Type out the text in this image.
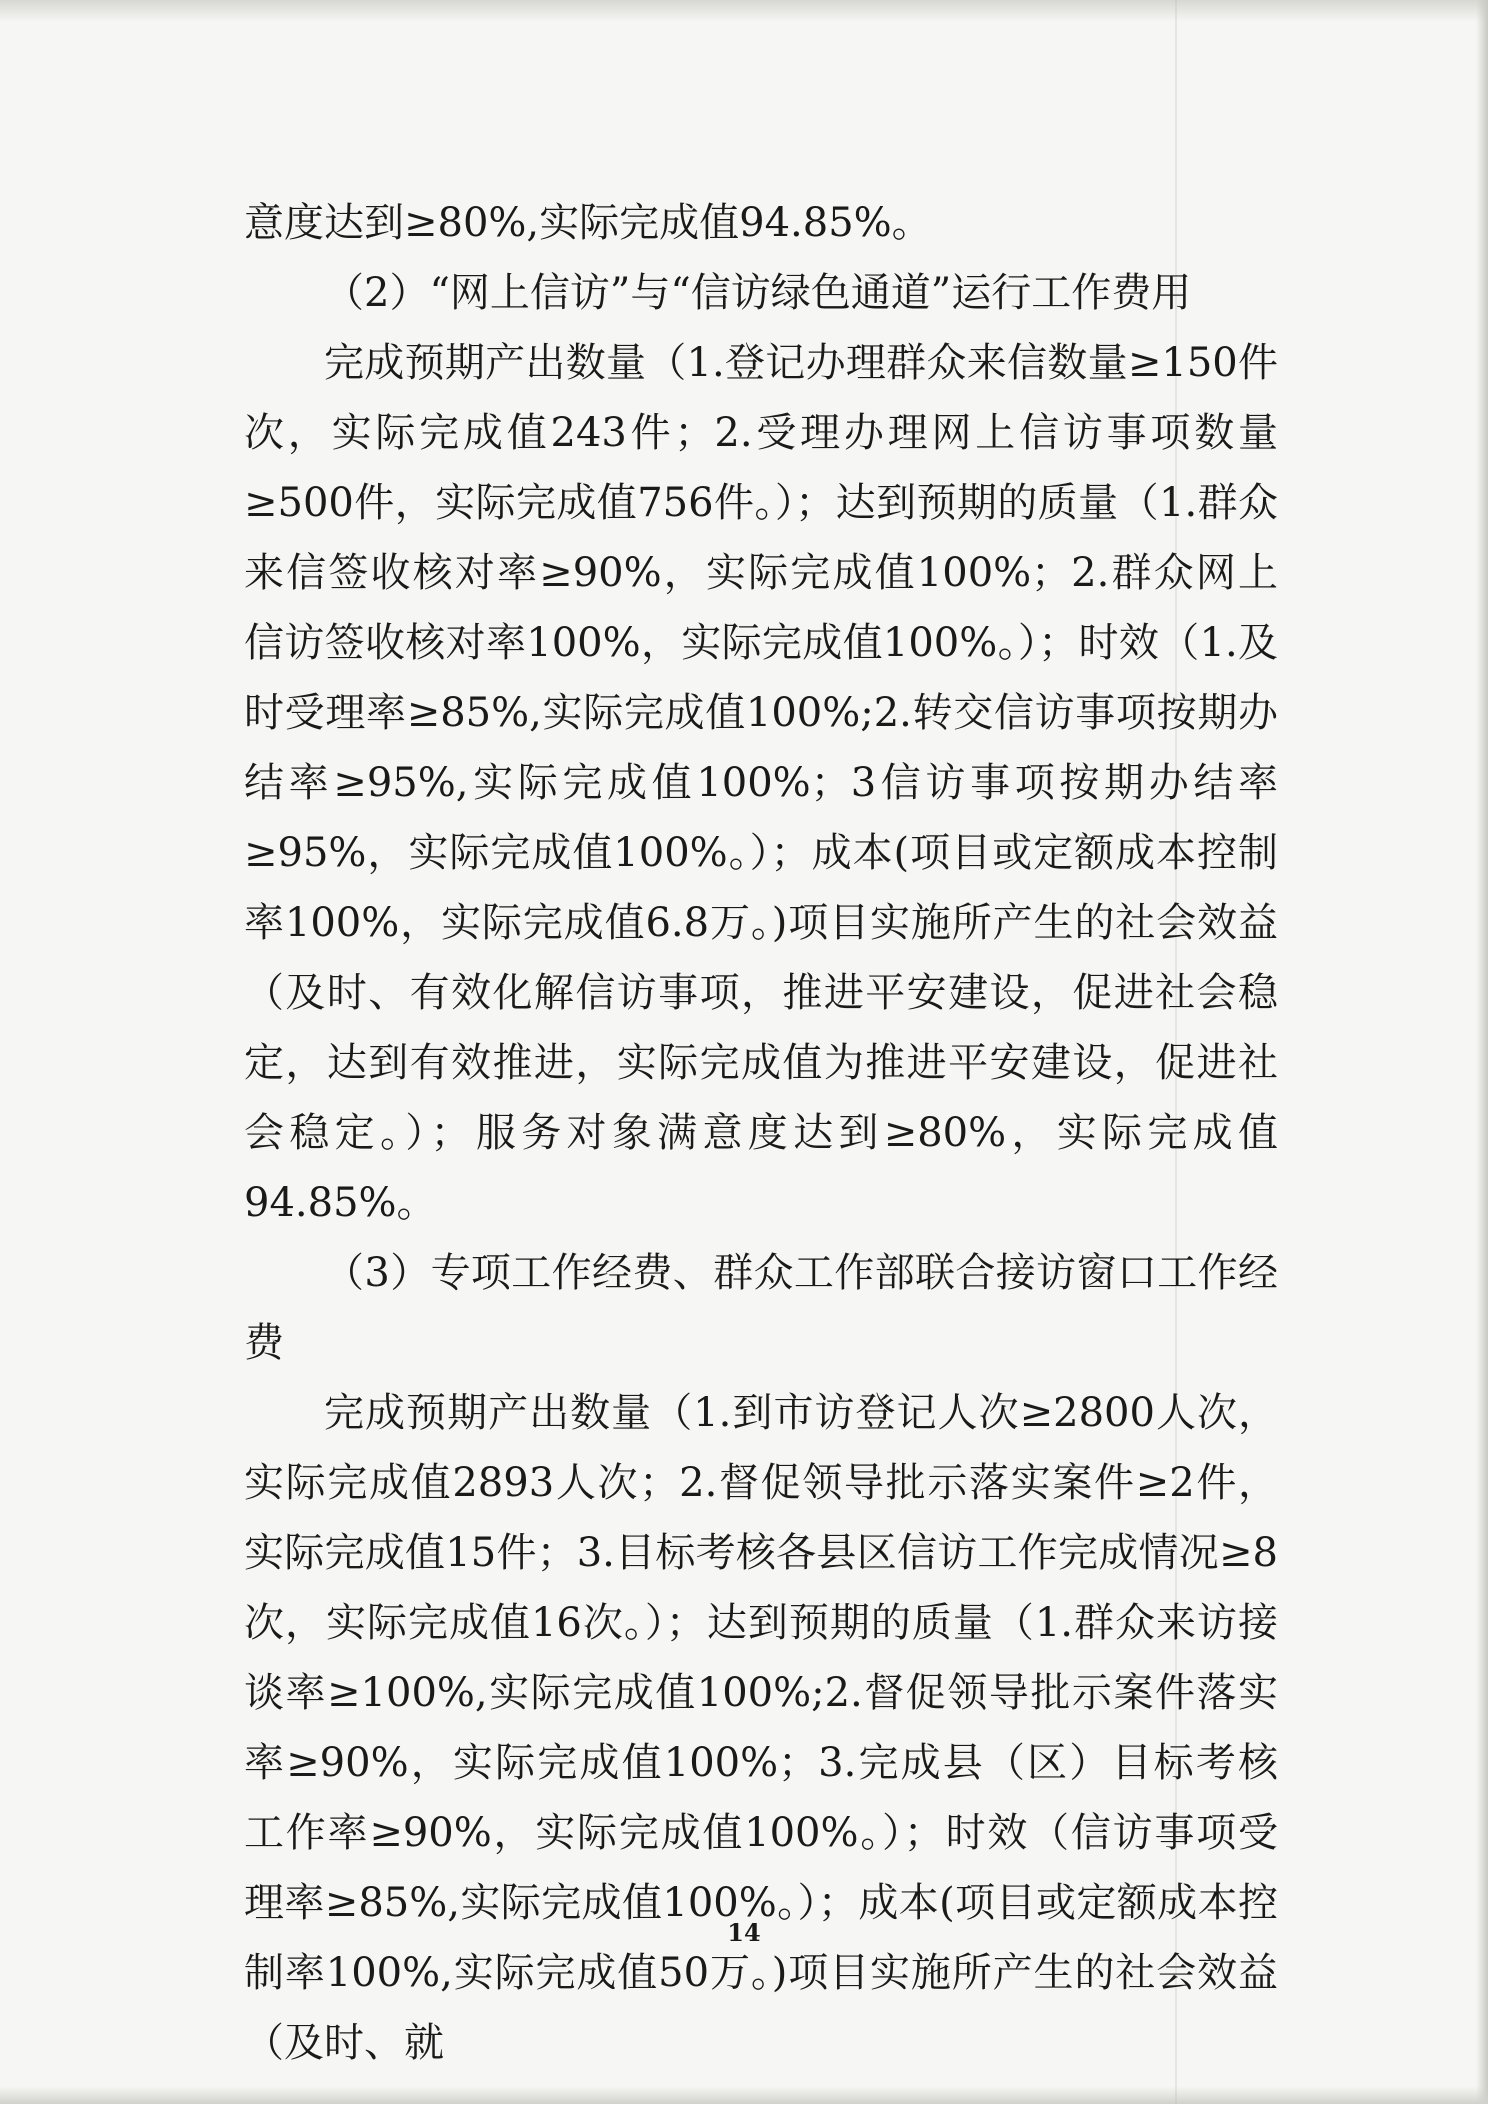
意度达到≥80%,实际完成值94.85%。

（2）“网上信访”与“信访绿色通道”运行工作费用

完成预期产出数量（1.登记办理群众来信数量≥150件次，实际完成值243件；2.受理办理网上信访事项数量≥500件，实际完成值756件。）；达到预期的质量（1.群众来信签收核对率≥90%，实际完成值100%；2.群众网上信访签收核对率100%，实际完成值100%。）；时效（1.及时受理率≥85%,实际完成值100%;2.转交信访事项按期办结率≥95%,实际完成值100%；3信访事项按期办结率≥95%，实际完成值100%。）；成本(项目或定额成本控制率100%，实际完成值6.8万。)项目实施所产生的社会效益（及时、有效化解信访事项，推进平安建设，促进社会稳定，达到有效推进，实际完成值为推进平安建设，促进社会稳定。）；服务对象满意度达到≥80%，实际完成值94.85%。

（3）专项工作经费、群众工作部联合接访窗口工作经费

完成预期产出数量（1.到市访登记人次≥2800人次，实际完成值2893人次；2.督促领导批示落实案件≥2件，实际完成值15件；3.目标考核各县区信访工作完成情况≥8次，实际完成值16次。）；达到预期的质量（1.群众来访接谈率≥100%,实际完成值100%;2.督促领导批示案件落实率≥90%，实际完成值100%；3.完成县（区）目标考核工作率≥90%，实际完成值100%。）；时效（信访事项受理率≥85%,实际完成值100%。）；成本(项目或定额成本控制率100%,实际完成值50万。)项目实施所产生的社会效益（及时、就

14
